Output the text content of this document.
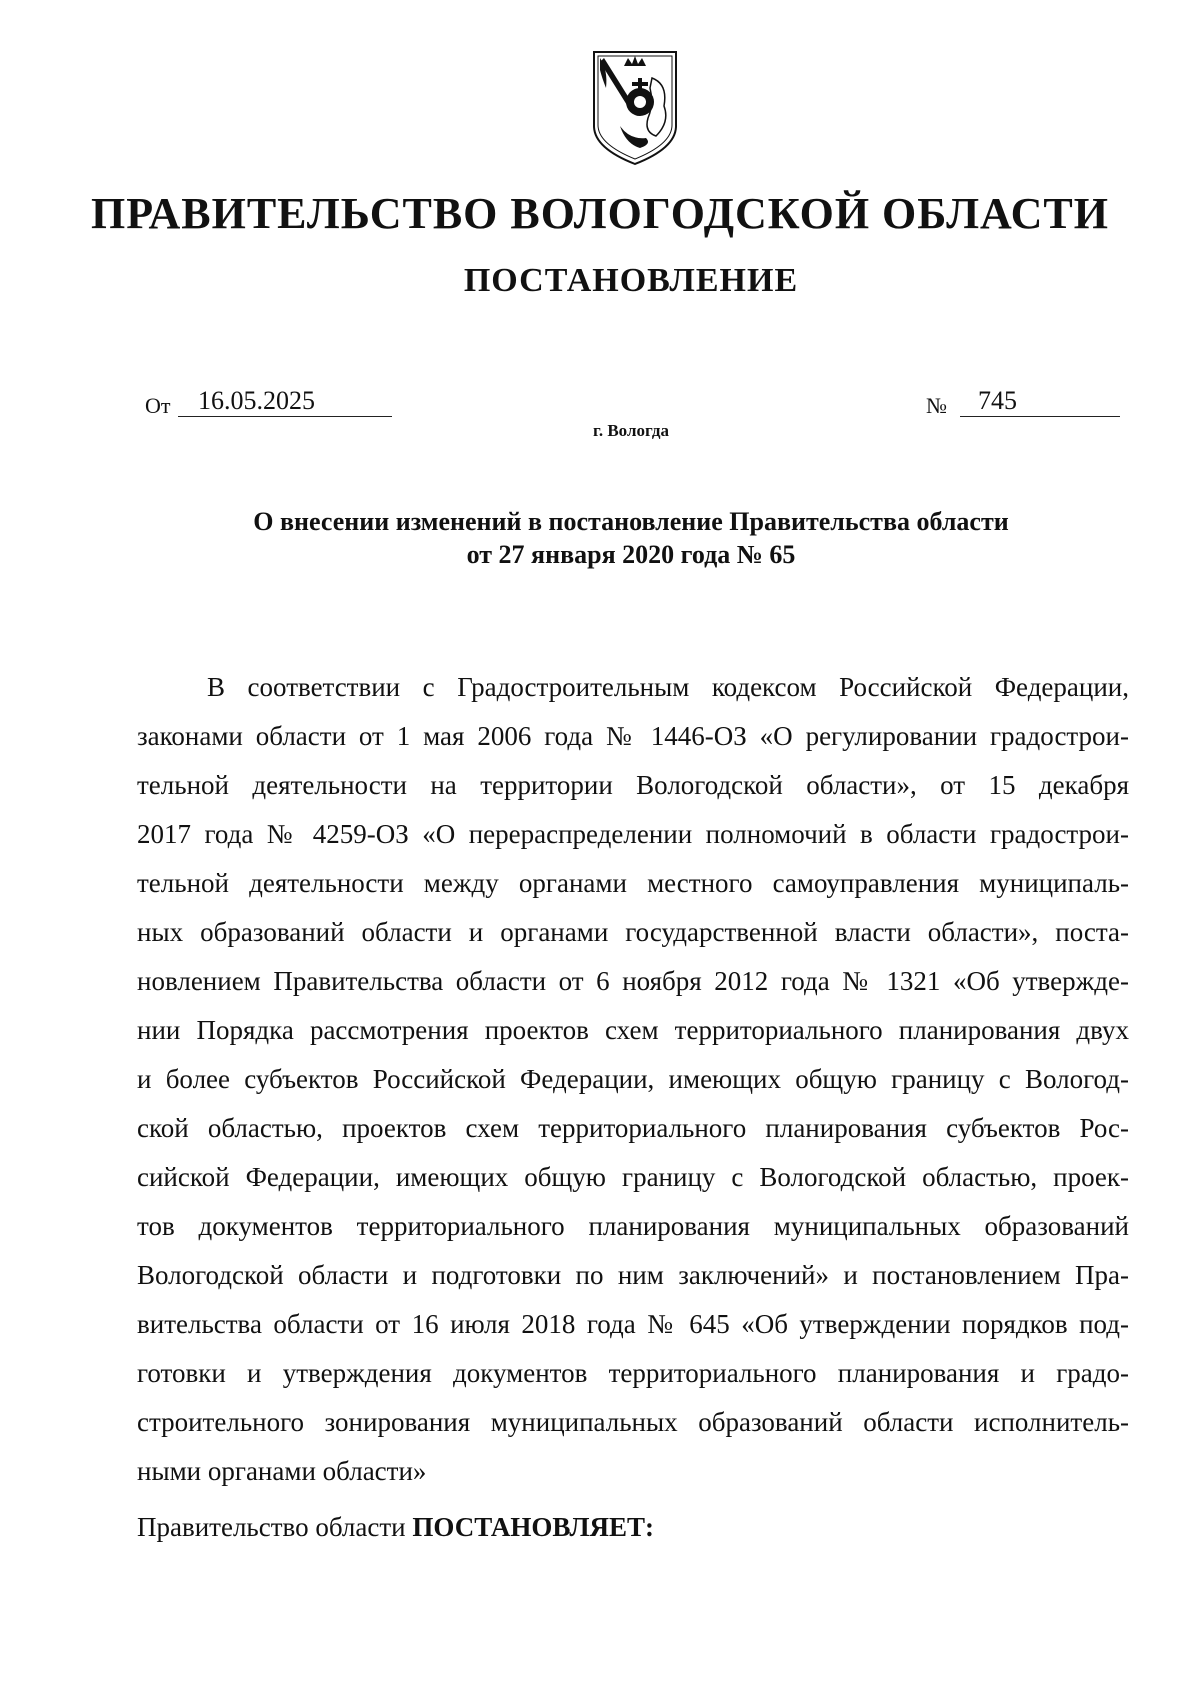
ПРАВИТЕЛЬСТВО ВОЛОГОДСКОЙ ОБЛАСТИ
ПОСТАНОВЛЕНИЕ
От	16.05.2025	№	745
г. Вологда
О внесении изменений в постановление Правительства области
от 27 января 2020 года № 65
В соответствии с Градостроительным кодексом Российской Федерации,
законами области от 1 мая 2006 года № 1446-ОЗ «О регулировании градострои-
тельной деятельности на территории Вологодской области», от 15 декабря
2017 года № 4259-ОЗ «О перераспределении полномочий в области градострои-
тельной деятельности между органами местного самоуправления муниципаль-
ных образований области и органами государственной власти области», поста-
новлением Правительства области от 6 ноября 2012 года № 1321 «Об утвержде-
нии Порядка рассмотрения проектов схем территориального планирования двух
и более субъектов Российской Федерации, имеющих общую границу с Вологод-
ской областью, проектов схем территориального планирования субъектов Рос-
сийской Федерации, имеющих общую границу с Вологодской областью, проек-
тов документов территориального планирования муниципальных образований
Вологодской области и подготовки по ним заключений» и постановлением Пра-
вительства области от 16 июля 2018 года № 645 «Об утверждении порядков под-
готовки и утверждения документов территориального планирования и градо-
строительного зонирования муниципальных образований области исполнитель-
ными органами области»
Правительство области ПОСТАНОВЛЯЕТ:
